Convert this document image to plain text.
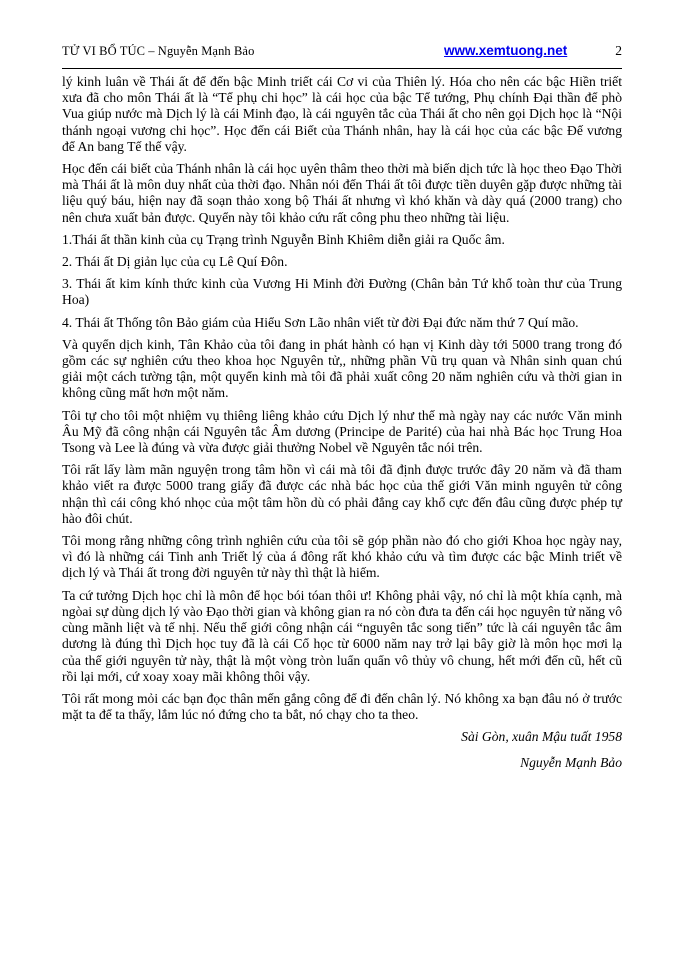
TỬ VI BỔ TÚC – Nguyễn Mạnh Bảo	www.xemtuong.net	2

lý kinh luân về Thái ất để đến bậc Minh triết cái Cơ vi của Thiên lý. Hóa cho nên các bậc Hiền triết xưa đã cho môn Thái ất là “Tể phụ chi học” là cái học của bậc Tể tướng, Phụ chính Đại thần để phò Vua giúp nước mà Dịch lý là cái Minh đạo, là cái nguyên tắc của Thái ất cho nên gọi Dịch học là “Nội thánh ngoại vương chi học”. Học đến cái Biết của Thánh nhân, hay là cái học của các bậc Đế vương để An bang Tế thế vậy.

Học đến cái biết của Thánh nhân là cái học uyên thâm theo thời mà biến dịch tức là học theo Đạo Thời mà Thái ất là môn duy nhất của thời đạo. Nhân nói đến Thái ất tôi được tiền duyên gặp được những tài liệu quý báu, hiện nay đã soạn thảo xong bộ Thái ất nhưng vì khó khăn và dày quá (2000 trang) cho nên chưa xuất bản được. Quyển này tôi khảo cứu rất công phu theo những tài liệu.

1.Thái ất thần kinh của cụ Trạng trình Nguyễn Bỉnh Khiêm diễn giải ra Quốc âm.

2. Thái ất Dị giản lục của cụ Lê Quí Đôn.

3. Thái ất kim kính thức kinh của Vương Hi Minh đời Đường (Chân bản Tứ khố toàn thư của Trung Hoa)

4. Thái ất Thống tôn Bảo giám của Hiểu Sơn Lão nhân viết từ đời Đại đức năm thứ 7 Quí mão.

Và quyển dịch kinh, Tân Khảo của tôi đang in phát hành có hạn vị Kinh dày tới 5000 trang trong đó gồm các sự nghiên cứu theo khoa học Nguyên tử,, những phần Vũ trụ quan và Nhân sinh quan chú giải một cách tường tận, một quyển kinh mà tôi đã phải xuất công 20 năm nghiên cứu và thời gian in không cũng mất hơn một năm.

Tôi tự cho tôi một nhiệm vụ thiêng liêng khảo cứu Dịch lý như thế mà ngày nay các nước Văn minh Âu Mỹ đã công nhận cái Nguyên tắc Âm dương (Principe de Parité) của hai nhà Bác học Trung Hoa Tsong và Lee là đúng và vừa được giải thưởng Nobel về Nguyên tắc nói trên.

Tôi rất lấy làm mãn nguyện trong tâm hồn vì cái mà tôi đã định được trước đây 20 năm và đã tham khảo viết ra được 5000 trang giấy đã được các nhà bác học của thế giới Văn minh nguyên tử công nhận thì cái công khó nhọc của một tâm hồn dù có phải đắng cay khổ cực đến đâu cũng được phép tự hào đôi chút.

Tôi mong rằng những công trình nghiên cứu của tôi sẽ góp phần nào đó cho giới Khoa học ngày nay, vì đó là những cái Tinh anh Triết lý của á đông rất khó khảo cứu và tìm được các bậc Minh triết về dịch lý và Thái ất trong đời nguyên tử này thì thật là hiếm.

Ta cứ tưởng Dịch học chỉ là môn để học bói tóan thôi ư! Không phải vậy, nó chỉ là một khía cạnh, mà ngòai sự dùng dịch lý vào Đạo thời gian và không gian ra nó còn đưa ta đến cái học nguyên tử năng vô cùng mãnh liệt và tế nhị. Nếu thế giới công nhận cái “nguyên tắc song tiến” tức là cái nguyên tắc âm dương là đúng thì Dịch học tuy đã là cái Cổ học từ 6000 năm nay trở lại bây giờ là môn học mơi lạ của thế giới nguyên tử này, thật là một vòng tròn luẩn quẩn vô thủy vô chung, hết mới đến cũ, hết cũ rồi lại mới, cứ xoay xoay mãi không thôi vậy.

Tôi rất mong mỏi các bạn đọc thân mến gắng công để đi đến chân lý. Nó không xa bạn đâu nó ở trước mặt ta để ta thấy, lắm lúc nó đứng cho ta bắt, nó chạy cho ta theo.

Sài Gòn, xuân Mậu tuất 1958

Nguyễn Mạnh Bảo
